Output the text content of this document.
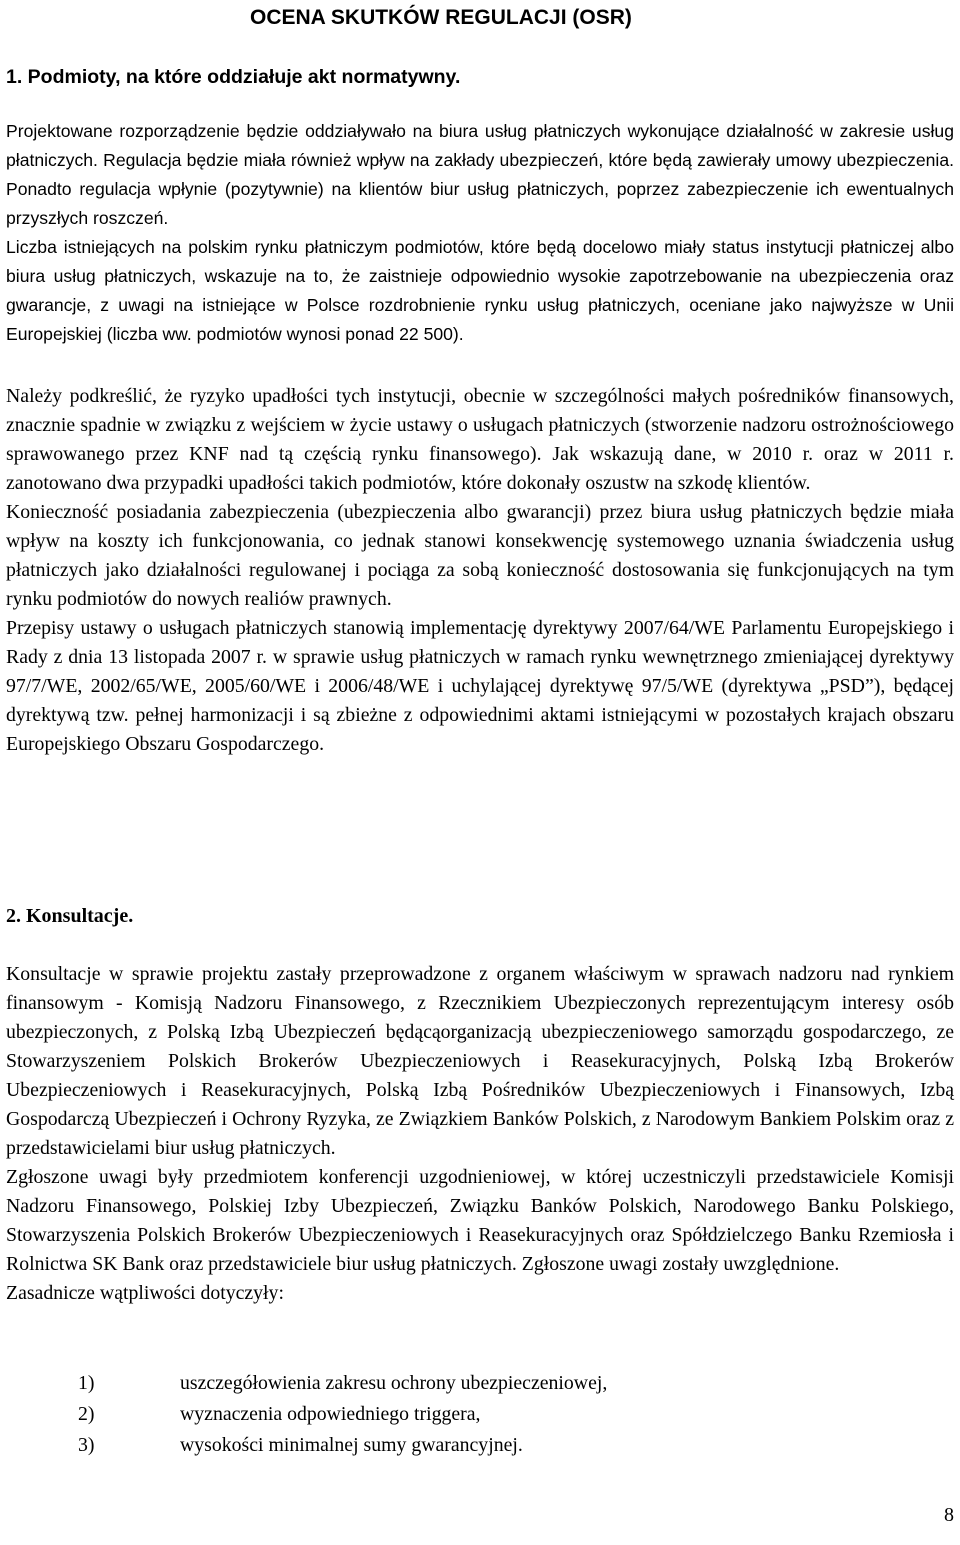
OCENA SKUTKÓW REGULACJI (OSR)
1. Podmioty, na które oddziałuje akt normatywny.

Projektowane rozporządzenie będzie oddziaływało na biura usług płatniczych wykonujące działalność w zakresie usług płatniczych. Regulacja będzie miała również wpływ na zakłady ubezpieczeń, które będą zawierały umowy ubezpieczenia. Ponadto regulacja wpłynie (pozytywnie) na klientów biur usług płatniczych, poprzez zabezpieczenie ich ewentualnych przyszłych roszczeń.

Liczba istniejących na polskim rynku płatniczym podmiotów, które będą docelowo miały status instytucji płatniczej albo biura usług płatniczych, wskazuje na to, że zaistnieje odpowiednio wysokie zapotrzebowanie na ubezpieczenia oraz gwarancje, z uwagi na istniejące w Polsce rozdrobnienie rynku usług płatniczych, oceniane jako najwyższe w Unii Europejskiej (liczba ww. podmiotów wynosi ponad 22 500).

Należy podkreślić, że ryzyko upadłości tych instytucji, obecnie w szczególności małych pośredników finansowych, znacznie spadnie w związku z wejściem w życie ustawy o usługach płatniczych (stworzenie nadzoru ostrożnościowego sprawowanego przez KNF nad tą częścią rynku finansowego). Jak wskazują dane, w 2010 r. oraz w 2011 r. zanotowano dwa przypadki upadłości takich podmiotów, które dokonały oszustw na szkodę klientów.

Konieczność posiadania zabezpieczenia (ubezpieczenia albo gwarancji) przez biura usług płatniczych będzie miała wpływ na koszty ich funkcjonowania, co jednak stanowi konsekwencję systemowego uznania świadczenia usług płatniczych jako działalności regulowanej i pociąga za sobą konieczność dostosowania się funkcjonujących na tym rynku podmiotów do nowych realiów prawnych.

Przepisy ustawy o usługach płatniczych stanowią implementację dyrektywy 2007/64/WE Parlamentu Europejskiego i Rady z dnia 13 listopada 2007 r. w sprawie usług płatniczych w ramach rynku wewnętrznego zmieniającej dyrektywy 97/7/WE, 2002/65/WE, 2005/60/WE i 2006/48/WE i uchylającej dyrektywę 97/5/WE (dyrektywa „PSD”), będącej dyrektywą tzw. pełnej harmonizacji i są zbieżne z odpowiednimi aktami istniejącymi w pozostałych krajach obszaru Europejskiego Obszaru Gospodarczego.

2. Konsultacje.

Konsultacje w sprawie projektu zastały przeprowadzone z organem właściwym w sprawach nadzoru nad rynkiem finansowym - Komisją Nadzoru Finansowego, z Rzecznikiem Ubezpieczonych reprezentującym interesy osób ubezpieczonych, z Polską Izbą Ubezpieczeń będącąorganizacją ubezpieczeniowego samorządu gospodarczego, ze Stowarzyszeniem Polskich Brokerów Ubezpieczeniowych i Reasekuracyjnych, Polską Izbą Brokerów Ubezpieczeniowych i Reasekuracyjnych, Polską Izbą Pośredników Ubezpieczeniowych i Finansowych, Izbą Gospodarczą Ubezpieczeń i Ochrony Ryzyka, ze Związkiem Banków Polskich, z Narodowym Bankiem Polskim oraz z przedstawicielami biur usług płatniczych.

Zgłoszone uwagi były przedmiotem konferencji uzgodnieniowej, w której uczestniczyli przedstawiciele Komisji Nadzoru Finansowego, Polskiej Izby Ubezpieczeń, Związku Banków Polskich, Narodowego Banku Polskiego, Stowarzyszenia Polskich Brokerów Ubezpieczeniowych i Reasekuracyjnych oraz Spółdzielczego Banku Rzemiosła i Rolnictwa SK Bank oraz przedstawiciele biur usług płatniczych. Zgłoszone uwagi zostały uwzględnione.

Zasadnicze wątpliwości dotyczyły:

1)	uszczegółowienia zakresu ochrony ubezpieczeniowej,
2)	wyznaczenia odpowiedniego triggera,
3)	wysokości minimalnej sumy gwarancyjnej.
8
